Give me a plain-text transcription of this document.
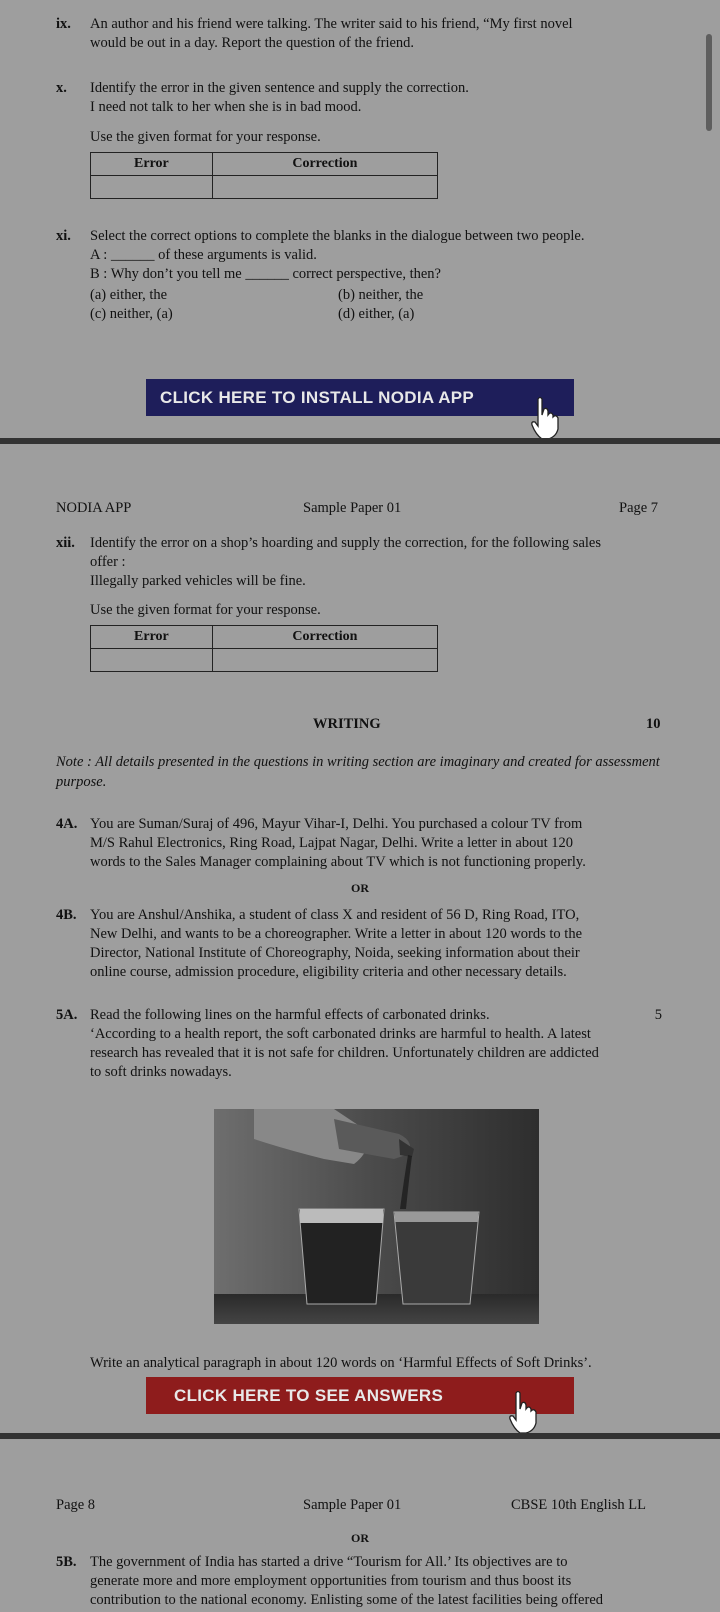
ix. An author and his friend were talking. The writer said to his friend, “My first novel
would be out in a day. Report the question of the friend.
x. Identify the error in the given sentence and supply the correction.
I need not talk to her when she is in bad mood.
Use the given format for your response.
Error	Correction

xi. Select the correct options to complete the blanks in the dialogue between two people.
A : ______ of these arguments is valid.
B : Why don’t you tell me ______ correct perspective, then?
(a) either, the	(b) neither, the
(c) neither, (a)	(d) either, (a)
CLICK HERE TO INSTALL NODIA APP
NODIA APP	Sample Paper 01	Page 7
xii. Identify the error on a shop’s hoarding and supply the correction, for the following sales
offer :
Illegally parked vehicles will be fine.
Use the given format for your response.
Error	Correction

WRITING	10
Note : All details presented in the questions in writing section are imaginary and created for assessment purpose.
4A. You are Suman/Suraj of 496, Mayur Vihar-I, Delhi. You purchased a colour TV from
M/S Rahul Electronics, Ring Road, Lajpat Nagar, Delhi. Write a letter in about 120
words to the Sales Manager complaining about TV which is not functioning properly.
OR
4B. You are Anshul/Anshika, a student of class X and resident of 56 D, Ring Road, ITO,
New Delhi, and wants to be a choreographer. Write a letter in about 120 words to the
Director, National Institute of Choreography, Noida, seeking information about their
online course, admission procedure, eligibility criteria and other necessary details.
5A.	5
Read the following lines on the harmful effects of carbonated drinks.
‘According to a health report, the soft carbonated drinks are harmful to health. A latest
research has revealed that it is not safe for children. Unfortunately children are addicted
to soft drinks nowadays.
Write an analytical paragraph in about 120 words on ‘Harmful Effects of Soft Drinks’.
CLICK HERE TO SEE ANSWERS
Page 8	Sample Paper 01	CBSE 10th English LL
OR
5B. The government of India has started a drive “Tourism for All.’ Its objectives are to
generate more and more employment opportunities from tourism and thus boost its
contribution to the national economy. Enlisting some of the latest facilities being offered
